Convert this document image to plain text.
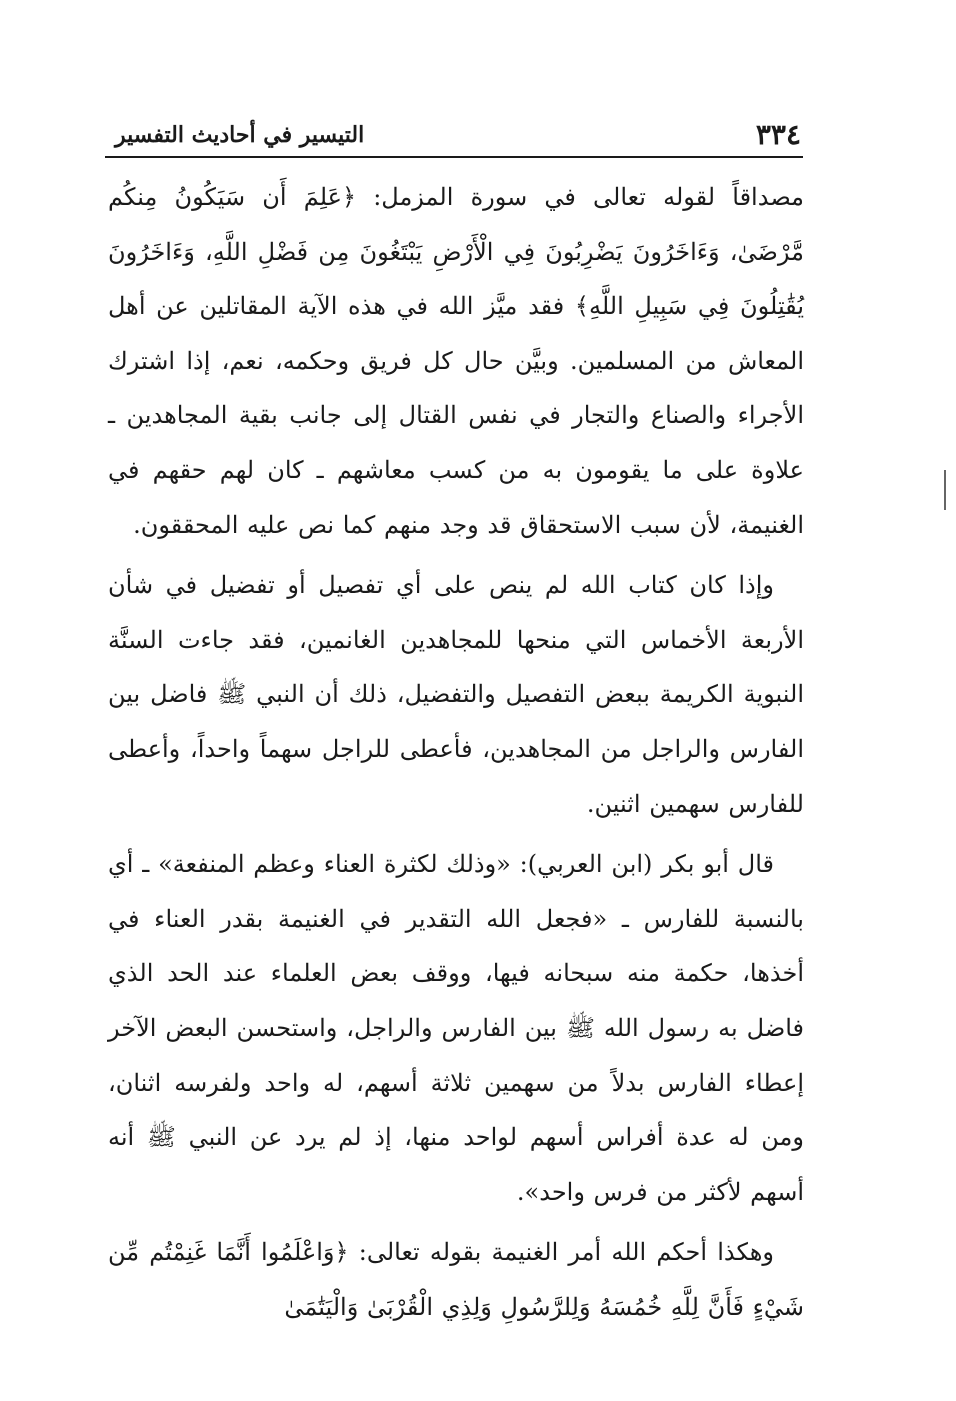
التيسير في أحاديث التفسير	٣٣٤

مصداقاً لقوله تعالى في سورة المزمل: ﴿عَلِمَ أَن سَيَكُونُ مِنكُم مَّرْضَىٰ، وَءَاخَرُونَ يَضْرِبُونَ فِي الْأَرْضِ يَبْتَغُونَ مِن فَضْلِ اللَّهِ، وَءَاخَرُونَ يُقَٰتِلُونَ فِي سَبِيلِ اللَّهِ﴾ فقد ميَّز الله في هذه الآية المقاتلين عن أهل المعاش من المسلمين. وبيَّن حال كل فريق وحكمه، نعم، إذا اشترك الأجراء والصناع والتجار في نفس القتال إلى جانب بقية المجاهدين ـ علاوة على ما يقومون به من كسب معاشهم ـ كان لهم حقهم في الغنيمة، لأن سبب الاستحقاق قد وجد منهم كما نص عليه المحققون.

وإذا كان كتاب الله لم ينص على أي تفصيل أو تفضيل في شأن الأربعة الأخماس التي منحها للمجاهدين الغانمين، فقد جاءت السنَّة النبوية الكريمة ببعض التفصيل والتفضيل، ذلك أن النبي ﷺ فاضل بين الفارس والراجل من المجاهدين، فأعطى للراجل سهماً واحداً، وأعطى للفارس سهمين اثنين.

قال أبو بكر (ابن العربي): «وذلك لكثرة العناء وعظم المنفعة» ـ أي بالنسبة للفارس ـ «فجعل الله التقدير في الغنيمة بقدر العناء في أخذها، حكمة منه سبحانه فيها، ووقف بعض العلماء عند الحد الذي فاضل به رسول الله ﷺ بين الفارس والراجل، واستحسن البعض الآخر إعطاء الفارس بدلاً من سهمين ثلاثة أسهم، له واحد ولفرسه اثنان، ومن له عدة أفراس أسهم لواحد منها، إذ لم يرد عن النبي ﷺ أنه أسهم لأكثر من فرس واحد».

وهكذا أحكم الله أمر الغنيمة بقوله تعالى: ﴿وَاعْلَمُوا أَنَّمَا غَنِمْتُم مِّن شَيْءٍ فَأَنَّ لِلَّهِ خُمُسَهُ وَلِلرَّسُولِ وَلِذِي الْقُرْبَىٰ وَالْيَتَٰمَىٰ
